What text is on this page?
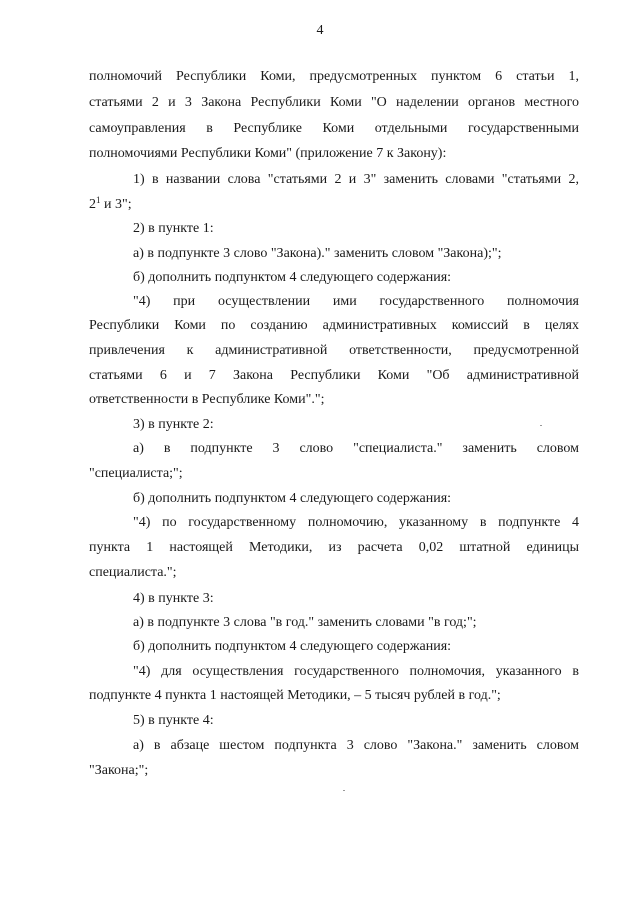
4
полномочий Республики Коми, предусмотренных пунктом 6 статьи 1,
статьями 2 и 3 Закона Республики Коми "О наделении органов местного
самоуправления в Республике Коми отдельными государственными
полномочиями Республики Коми" (приложение 7 к Закону):
1) в названии слова "статьями 2 и 3" заменить словами "статьями 2,
$2^1$ и 3";
2) в пункте 1:
а) в подпункте 3 слово "Закона)." заменить словом "Закона);";
б) дополнить подпунктом 4 следующего содержания:
"4) при осуществлении ими государственного полномочия
Республики Коми по созданию административных комиссий в целях
привлечения к административной ответственности, предусмотренной
статьями 6 и 7 Закона Республики Коми "Об административной
ответственности в Республике Коми".";
3) в пункте 2:
а) в подпункте 3 слово "специалиста." заменить словом
"специалиста;";
б) дополнить подпунктом 4 следующего содержания:
"4) по государственному полномочию, указанному в подпункте 4
пункта 1 настоящей Методики, из расчета 0,02 штатной единицы
специалиста.";
4) в пункте 3:
а) в подпункте 3 слова "в год." заменить словами "в год;";
б) дополнить подпунктом 4 следующего содержания:
"4) для осуществления государственного полномочия, указанного в
подпункте 4 пункта 1 настоящей Методики, – 5 тысяч рублей в год.";
5) в пункте 4:
а) в абзаце шестом подпункта 3 слово "Закона." заменить словом
"Закона;";
